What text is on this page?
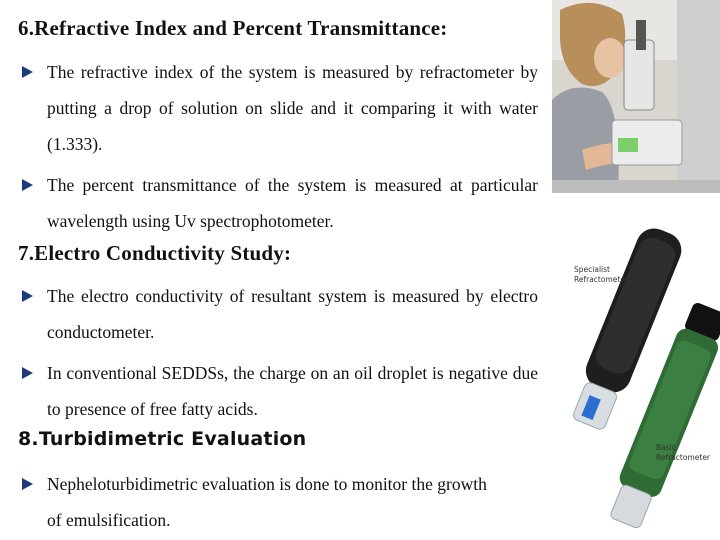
6.Refractive Index and Percent Transmittance:
The refractive index of the system is measured by refractometer by putting a drop of solution on slide and it comparing it with water (1.333).
The percent transmittance of the system is measured at particular wavelength using Uv spectrophotometer.
7.Electro Conductivity Study:
The electro conductivity of resultant system is measured by electro conductometer.
In conventional SEDDSs, the charge on an oil droplet is negative due to presence of free fatty acids.
8.Turbidimetric Evaluation
Nepheloturbidimetric evaluation is done to monitor the growth of emulsification.
Specialist
Refractometer
Basic
Refractometer
